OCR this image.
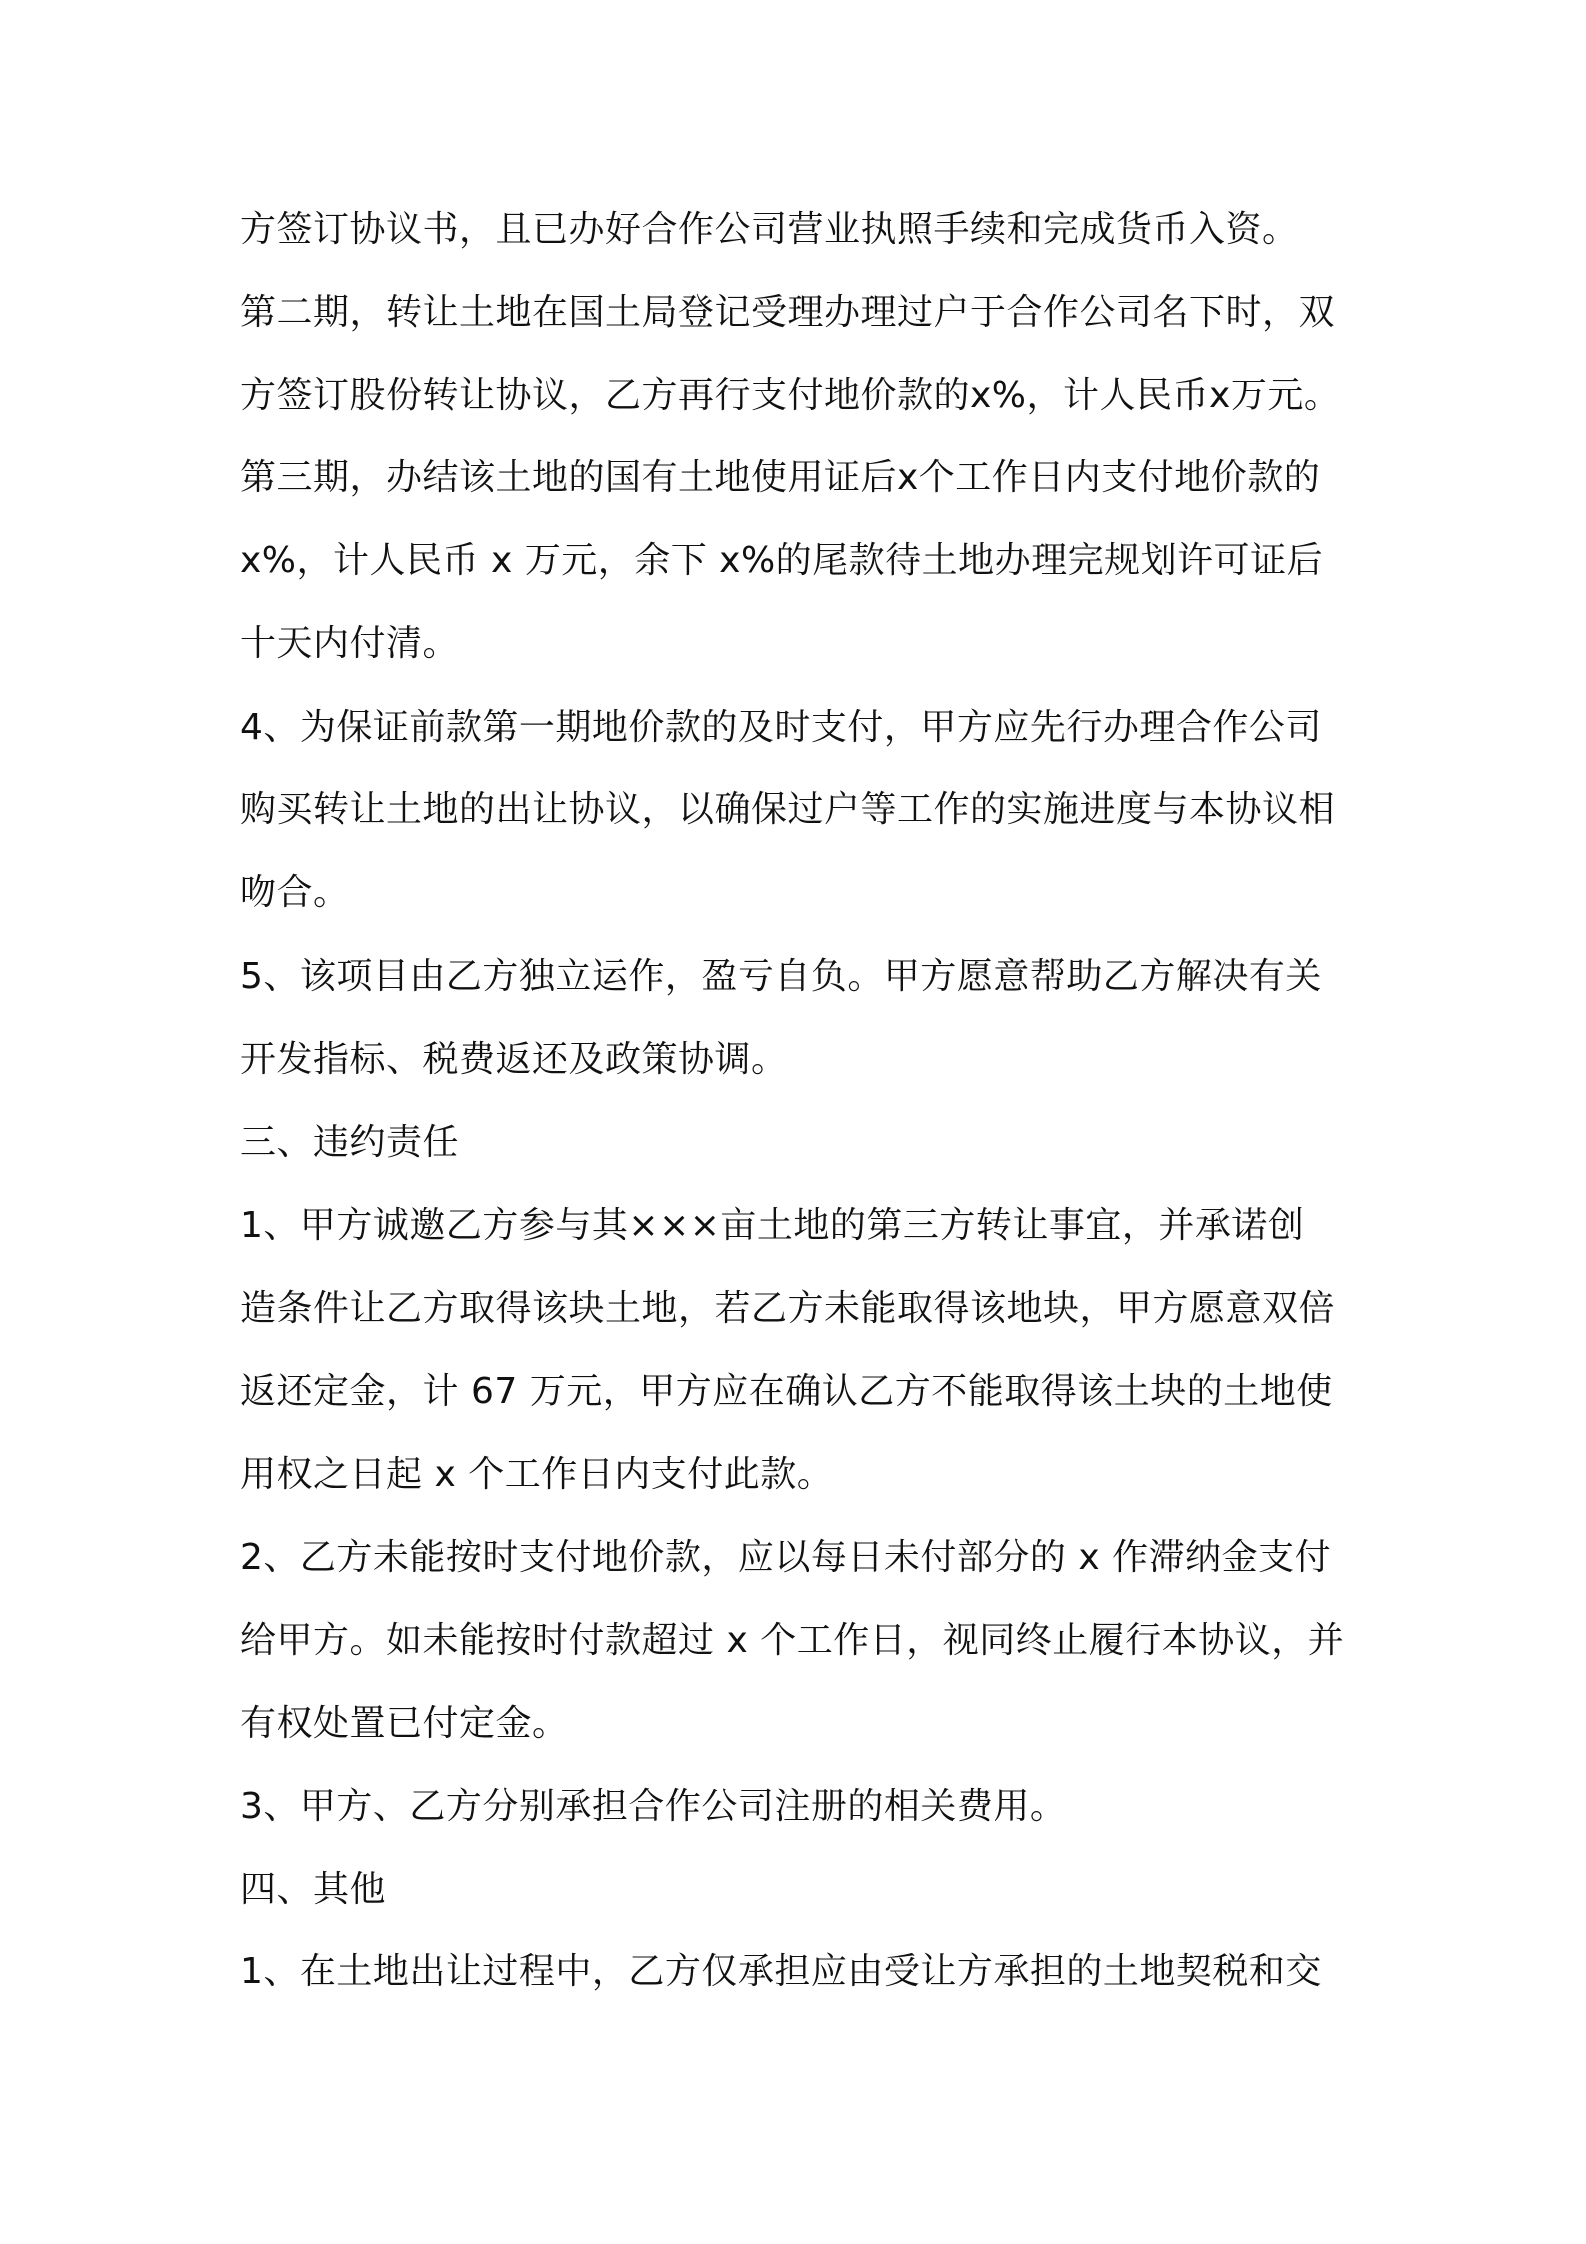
方签订协议书，且已办好合作公司营业执照手续和完成货币入资。
第二期，转让土地在国土局登记受理办理过户于合作公司名下时，双
方签订股份转让协议，乙方再行支付地价款的x%，计人民币x万元。
第三期，办结该土地的国有土地使用证后x个工作日内支付地价款的
x%，计人民币 x 万元，余下 x%的尾款待土地办理完规划许可证后
十天内付清。
4、为保证前款第一期地价款的及时支付，甲方应先行办理合作公司
购买转让土地的出让协议，以确保过户等工作的实施进度与本协议相
吻合。
5、该项目由乙方独立运作，盈亏自负。甲方愿意帮助乙方解决有关
开发指标、税费返还及政策协调。
三、违约责任
1、甲方诚邀乙方参与其×××亩土地的第三方转让事宜，并承诺创
造条件让乙方取得该块土地，若乙方未能取得该地块，甲方愿意双倍
返还定金，计 67 万元，甲方应在确认乙方不能取得该土块的土地使
用权之日起 x 个工作日内支付此款。
2、乙方未能按时支付地价款，应以每日未付部分的 x 作滞纳金支付
给甲方。如未能按时付款超过 x 个工作日，视同终止履行本协议，并
有权处置已付定金。
3、甲方、乙方分别承担合作公司注册的相关费用。
四、其他
1、在土地出让过程中，乙方仅承担应由受让方承担的土地契税和交
